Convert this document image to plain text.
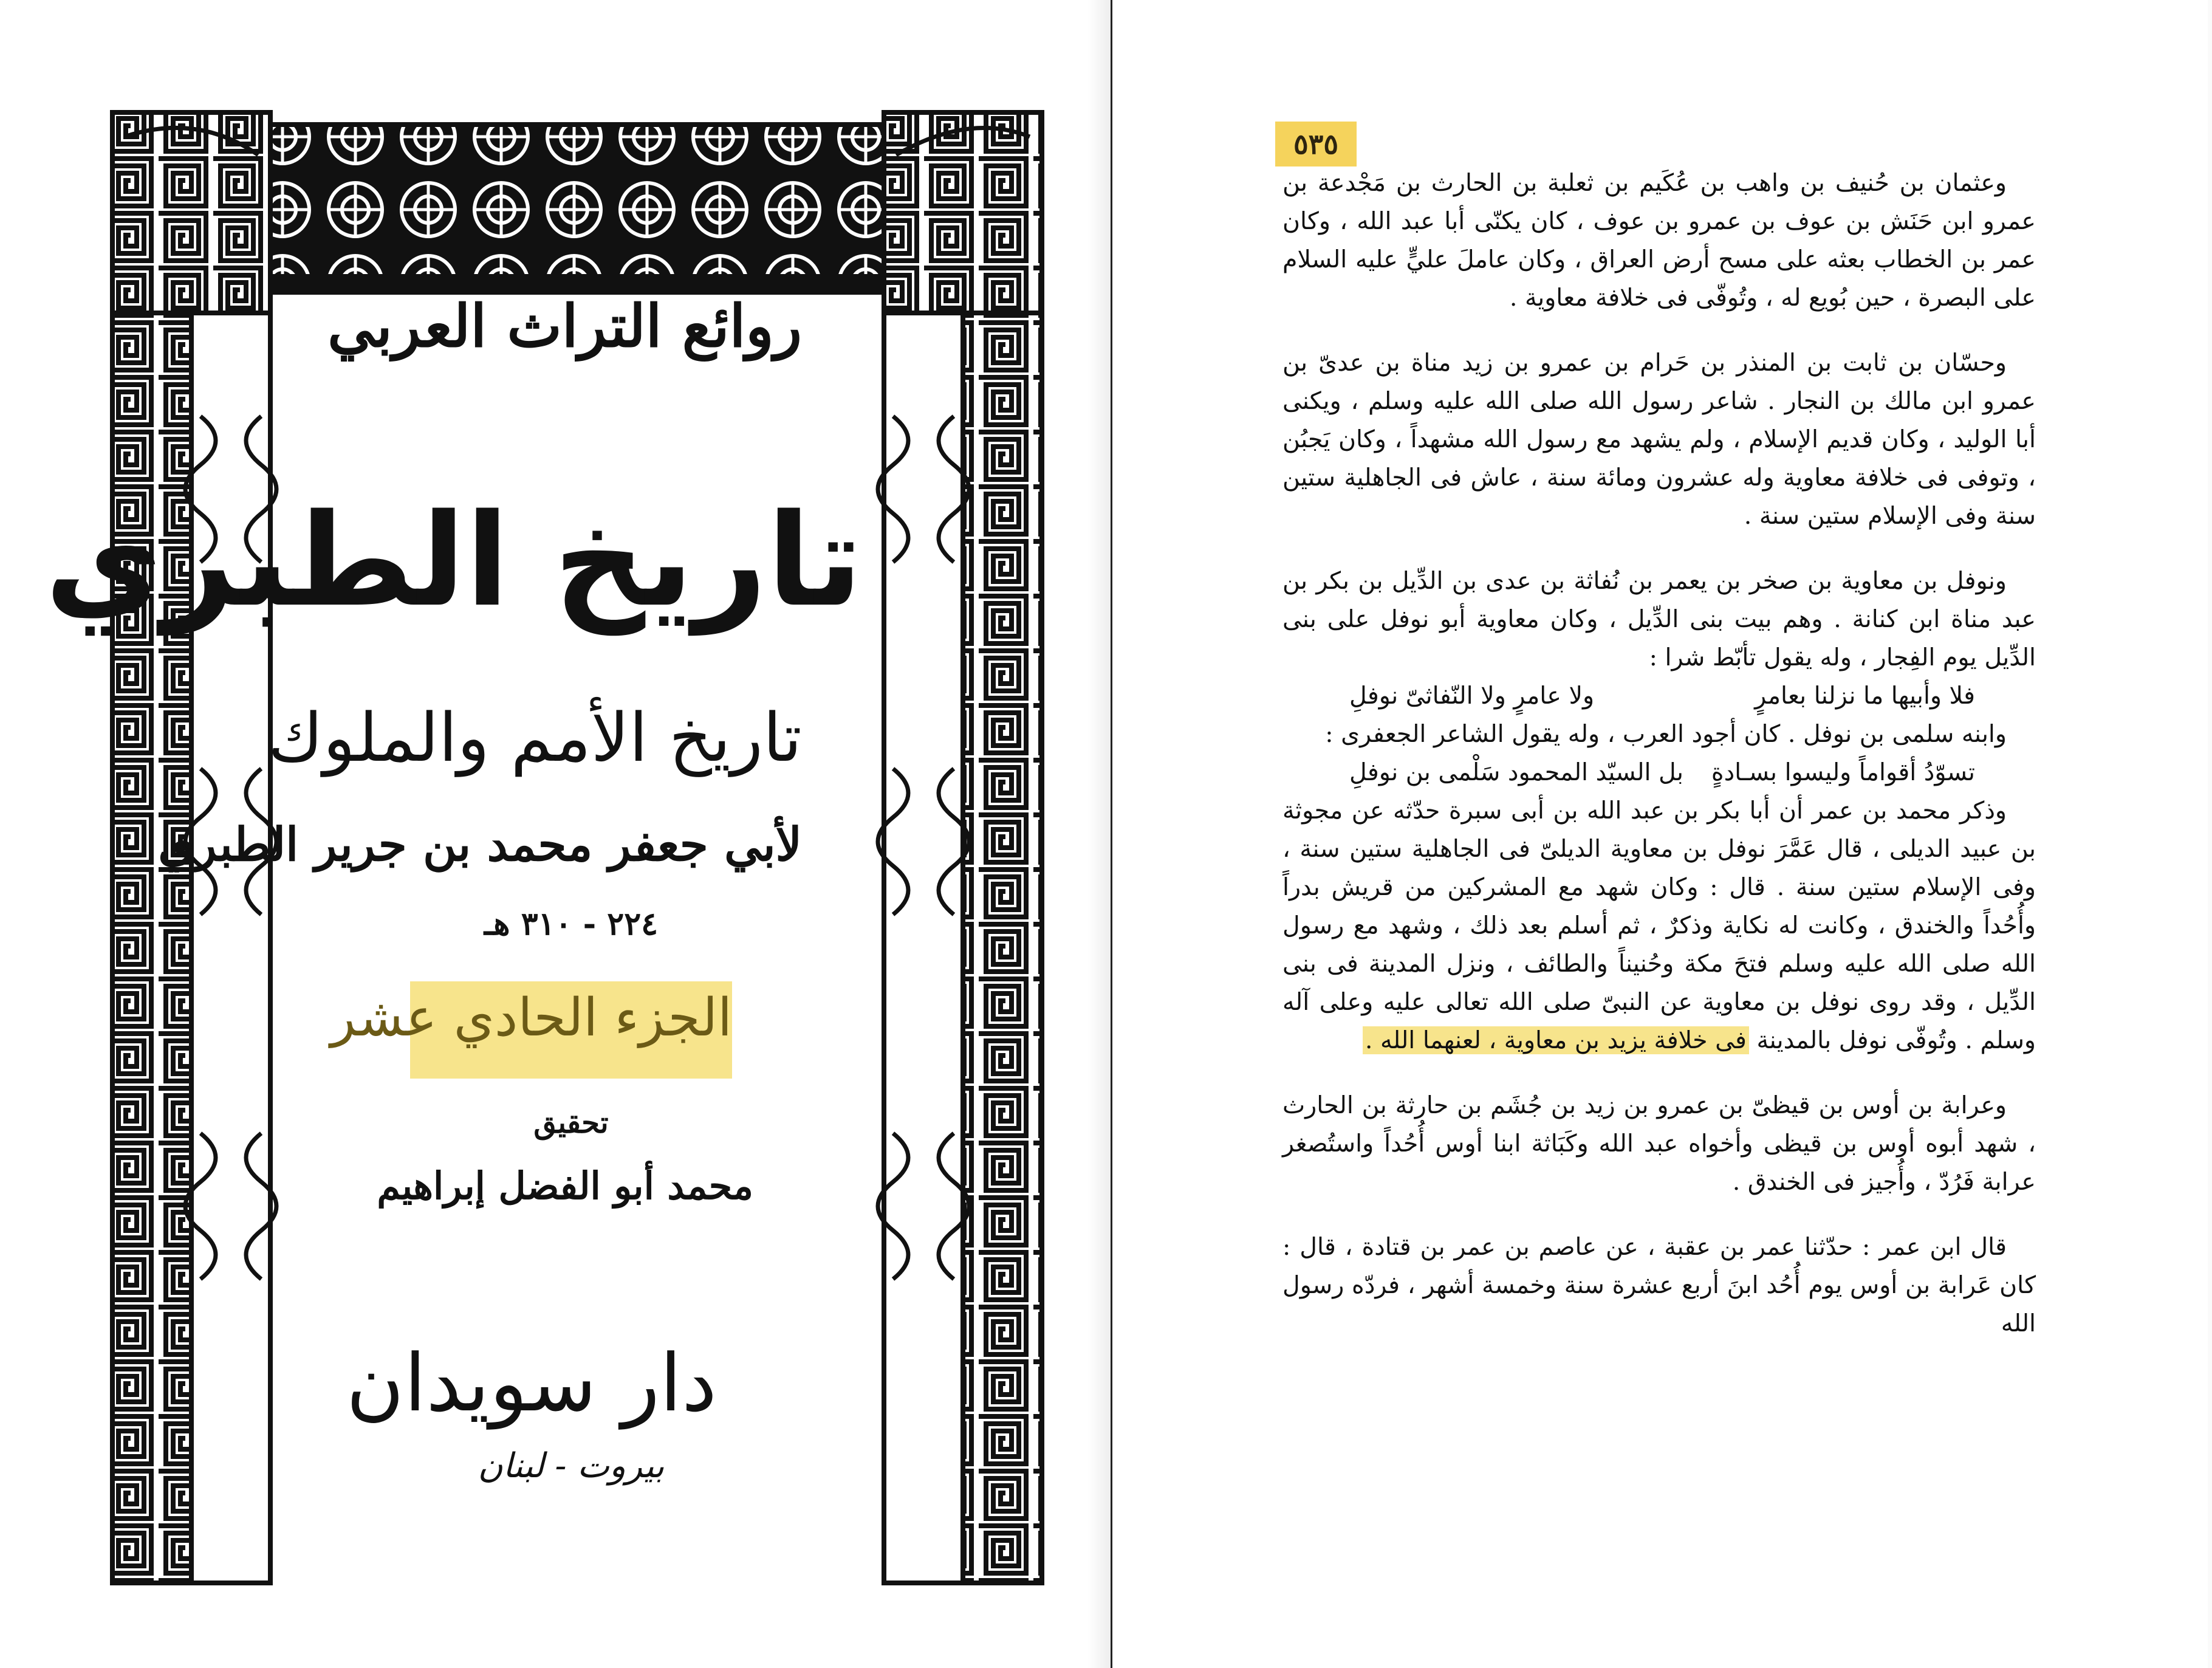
روائع التراث العربي
تاريخ الطبري
تاريخ الأمم والملوك
لأبي جعفر محمد بن جرير الطبري
٢٢٤ - ٣١٠ هـ
الجزء الحادي عشر
تحقيق
محمد أبو الفضل إبراهيم
دار سويدان
بيروت - لبنان
٥٣٥

وعثمان بن حُنيف بن واهب بن عُكَيم بن ثعلبة بن الحارث بن مَجْدعة بن عمرو ابن حَنَش بن عوف بن عمرو بن عوف ، كان يكنّى أبا عبد الله ، وكان عمر بن الخطاب بعثه على مسح أرض العراق ، وكان عاملَ عليٍّ عليه السلام على البصرة ، حين بُويع له ، وتُوفّى فى خلافة معاوية .

وحسّان بن ثابت بن المنذر بن حَرام بن عمرو بن زيد مناة بن عدىّ بن عمرو ابن مالك بن النجار . شاعر رسول الله صلى الله عليه وسلم ، ويكنى أبا الوليد ، وكان قديم الإسلام ، ولم يشهد مع رسول الله مشهداً ، وكان يَجبُن ، وتوفى فى خلافة معاوية وله عشرون ومائة سنة ، عاش فى الجاهلية ستين سنة وفى الإسلام ستين سنة .

ونوفل بن معاوية بن صخر بن يعمر بن نُفاثة بن عدى بن الدِّيل بن بكر بن عبد مناة ابن كنانة . وهم بيت بنى الدِّيل ، وكان معاوية أبو نوفل على بنى الدِّيل يوم الفِجار ، وله يقول تأبّط شرا :

فلا وأبيها ما نزلنا بعامرٍ
ولا عامرٍ ولا النّفاثىّ نوفلِ

وابنه سلمى بن نوفل . كان أجود العرب ، وله يقول الشاعر الجعفرى :

تسوّدُ أقواماً وليسوا بسـادةٍ
بل السيّد المحمود سَلْمى بن نوفلِ

وذكر محمد بن عمر أن أبا بكر بن عبد الله بن أبى سبرة حدّثه عن مجوثة بن عبيد الديلى ، قال عَمَّرَ نوفل بن معاوية الديلىّ فى الجاهلية ستين سنة ، وفى الإسلام ستين سنة . قال : وكان شهد مع المشركين من قريش بدراً وأُحُداً والخندق ، وكانت له نكاية وذكرٌ ، ثم أسلم بعد ذلك ، وشهد مع رسول الله صلى الله عليه وسلم فتحَ مكة وحُنيناً والطائف ، ونزل المدينة فى بنى الدِّيل ، وقد روى نوفل بن معاوية عن النبىّ صلى الله تعالى عليه وعلى آله وسلم . وتُوفّى نوفل بالمدينة فى خلافة يزيد بن معاوية ، لعنهما الله .

وعرابة بن أوس بن قيظىّ بن عمرو بن زيد بن جُشَم بن حارثة بن الحارث ، شهد أبوه أوس بن قيظى وأخواه عبد الله وكَبَاثة ابنا أوس أُحُداً واستُصغر عرابة فَرُدّ ، وأُجيز فى الخندق .

قال ابن عمر : حدّثنا عمر بن عقبة ، عن عاصم بن عمر بن قتادة ، قال : كان عَرابة بن أوس يوم أُحُد ابنَ أربع عشرة سنة وخمسة أشهر ، فردّه رسول الله
